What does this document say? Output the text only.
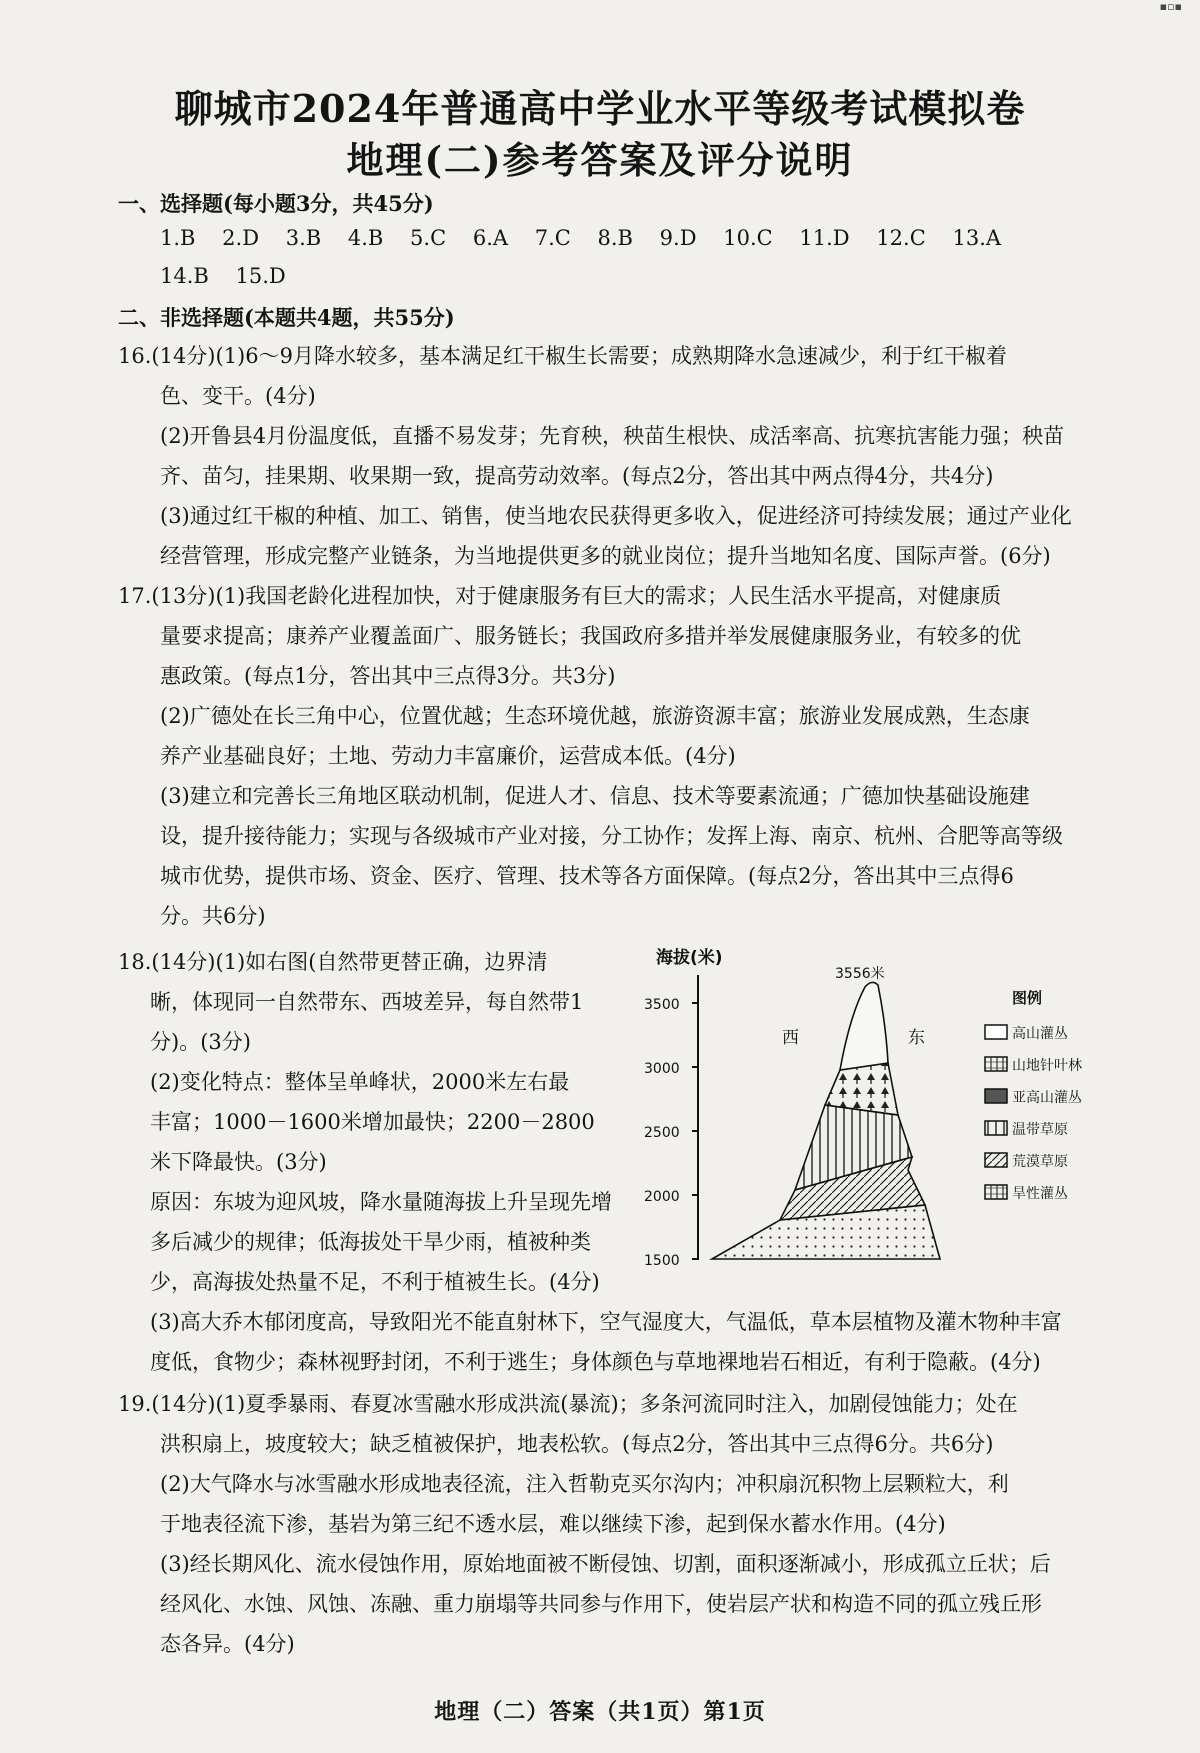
▪▫▪
聊城市2024年普通高中学业水平等级考试模拟卷
地理(二)参考答案及评分说明
一、选择题(每小题3分，共45分)
1.B 2.D 3.B 4.B 5.C 6.A 7.C 8.B 9.D 10.C 11.D 12.C 13.A
14.B 15.D
二、非选择题(本题共4题，共55分)
16.(14分)(1)6～9月降水较多，基本满足红干椒生长需要；成熟期降水急速减少，利于红干椒着
色、变干。(4分)
(2)开鲁县4月份温度低，直播不易发芽；先育秧，秧苗生根快、成活率高、抗寒抗害能力强；秧苗
齐、苗匀，挂果期、收果期一致，提高劳动效率。(每点2分，答出其中两点得4分，共4分)
(3)通过红干椒的种植、加工、销售，使当地农民获得更多收入，促进经济可持续发展；通过产业化
经营管理，形成完整产业链条，为当地提供更多的就业岗位；提升当地知名度、国际声誉。(6分)
17.(13分)(1)我国老龄化进程加快，对于健康服务有巨大的需求；人民生活水平提高，对健康质
量要求提高；康养产业覆盖面广、服务链长；我国政府多措并举发展健康服务业，有较多的优
惠政策。(每点1分，答出其中三点得3分。共3分)
(2)广德处在长三角中心，位置优越；生态环境优越，旅游资源丰富；旅游业发展成熟，生态康
养产业基础良好；土地、劳动力丰富廉价，运营成本低。(4分)
(3)建立和完善长三角地区联动机制，促进人才、信息、技术等要素流通；广德加快基础设施建
设，提升接待能力；实现与各级城市产业对接，分工协作；发挥上海、南京、杭州、合肥等高等级
城市优势，提供市场、资金、医疗、管理、技术等各方面保障。(每点2分，答出其中三点得6
分。共6分)
18.(14分)(1)如右图(自然带更替正确，边界清
晰，体现同一自然带东、西坡差异，每自然带1
分)。(3分)
(2)变化特点：整体呈单峰状，2000米左右最
丰富；1000－1600米增加最快；2200－2800
米下降最快。(3分)
原因：东坡为迎风坡，降水量随海拔上升呈现先增
多后减少的规律；低海拔处干旱少雨，植被种类
少，高海拔处热量不足，不利于植被生长。(4分)
(3)高大乔木郁闭度高，导致阳光不能直射林下，空气湿度大，气温低，草本层植物及灌木物种丰富
度低，食物少；森林视野封闭，不利于逃生；身体颜色与草地裸地岩石相近，有利于隐蔽。(4分)
海拔(米)
3500
3000
2500
2000
1500
3556米
西	东
图例
高山灌丛
山地针叶林
亚高山灌丛
温带草原
荒漠草原
旱性灌丛
19.(14分)(1)夏季暴雨、春夏冰雪融水形成洪流(暴流)；多条河流同时注入，加剧侵蚀能力；处在
洪积扇上，坡度较大；缺乏植被保护，地表松软。(每点2分，答出其中三点得6分。共6分)
(2)大气降水与冰雪融水形成地表径流，注入哲勒克买尔沟内；冲积扇沉积物上层颗粒大，利
于地表径流下渗，基岩为第三纪不透水层，难以继续下渗，起到保水蓄水作用。(4分)
(3)经长期风化、流水侵蚀作用，原始地面被不断侵蚀、切割，面积逐渐减小，形成孤立丘状；后
经风化、水蚀、风蚀、冻融、重力崩塌等共同参与作用下，使岩层产状和构造不同的孤立残丘形
态各异。(4分)
地理（二）答案（共1页）第1页
